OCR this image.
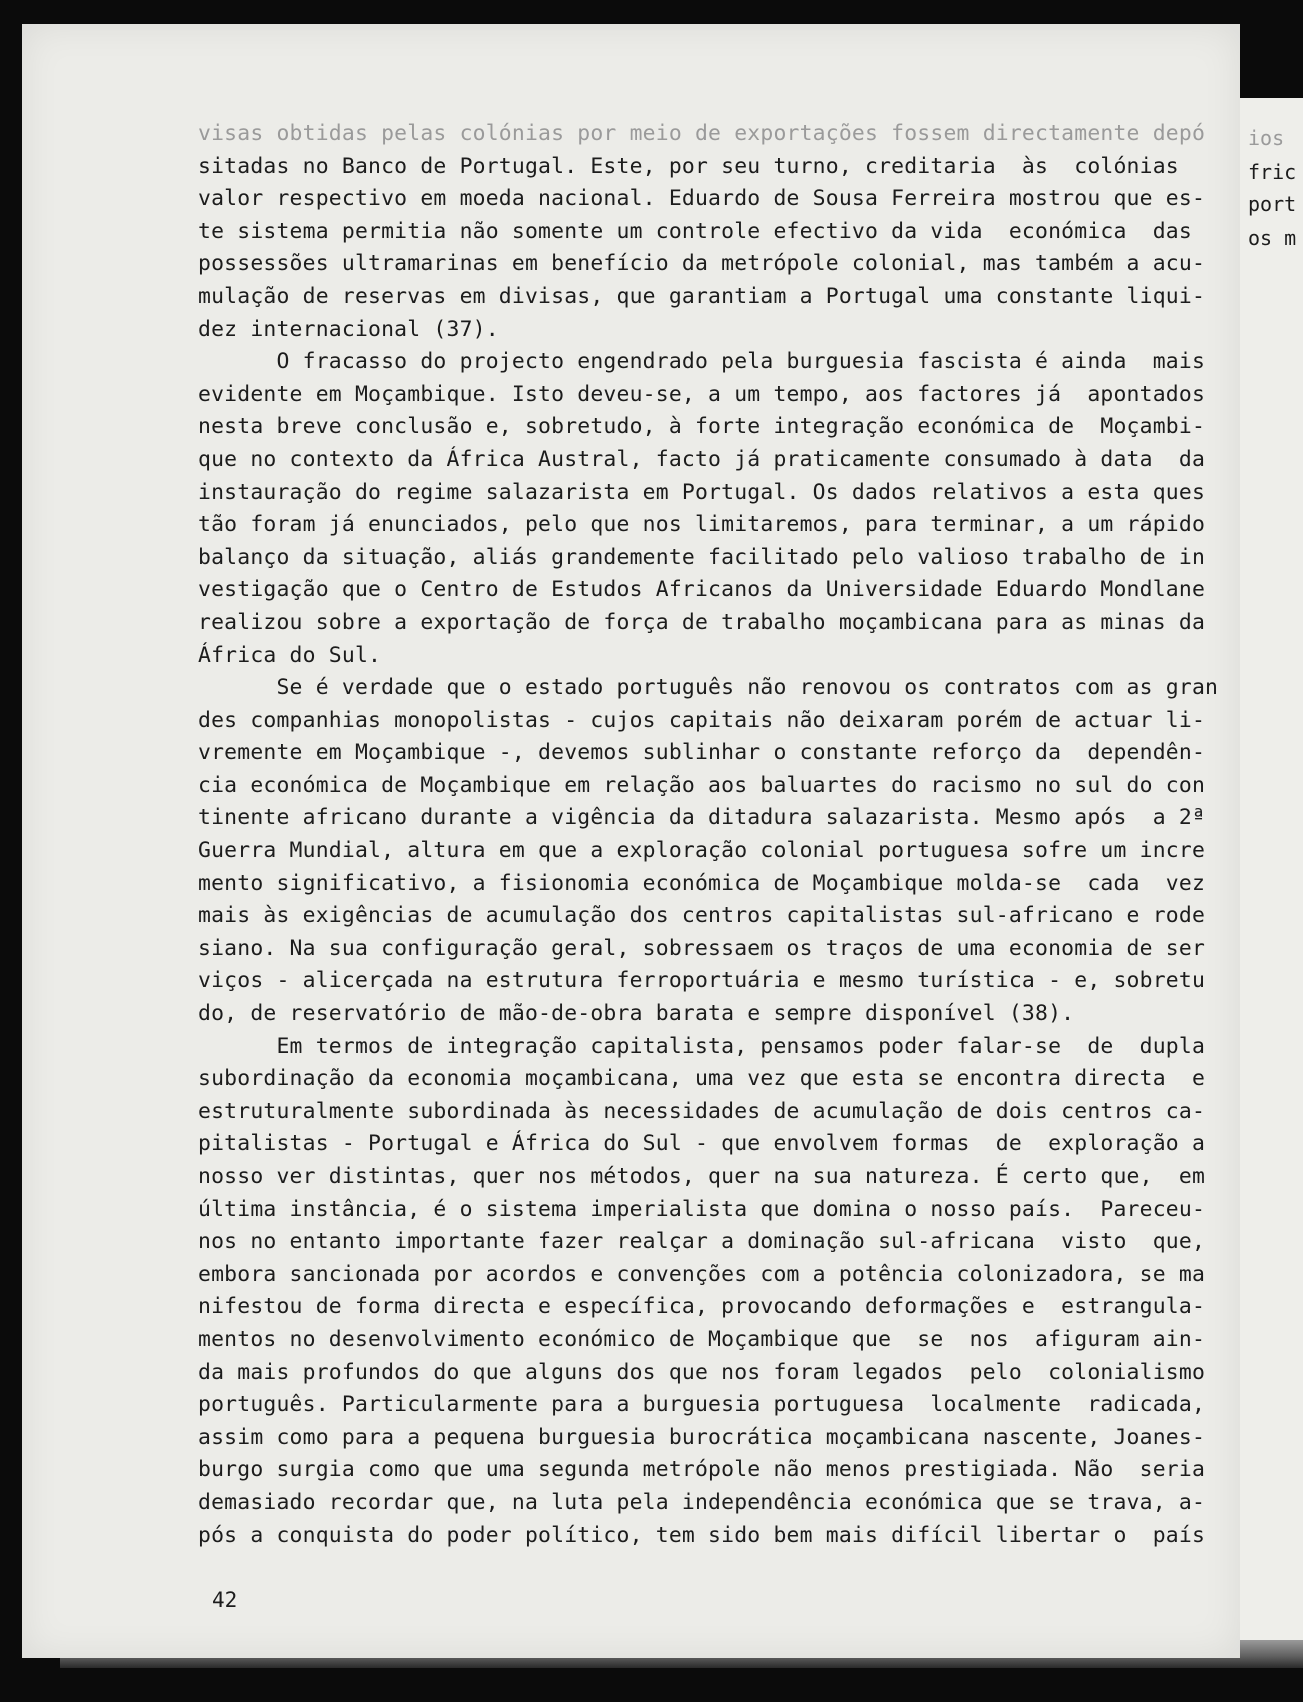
visas obtidas pelas colónias por meio de exportações fossem directamente depó
sitadas no Banco de Portugal. Este, por seu turno, creditaria  às  colónias
valor respectivo em moeda nacional. Eduardo de Sousa Ferreira mostrou que es-
te sistema permitia não somente um controle efectivo da vida  económica  das
possessões ultramarinas em benefício da metrópole colonial, mas também a acu-
mulação de reservas em divisas, que garantiam a Portugal uma constante liqui-
dez internacional (37).
O fracasso do projecto engendrado pela burguesia fascista é ainda  mais
evidente em Moçambique. Isto deveu-se, a um tempo, aos factores já  apontados
nesta breve conclusão e, sobretudo, à forte integração económica de  Moçambi-
que no contexto da África Austral, facto já praticamente consumado à data  da
instauração do regime salazarista em Portugal. Os dados relativos a esta ques
tão foram já enunciados, pelo que nos limitaremos, para terminar, a um rápido
balanço da situação, aliás grandemente facilitado pelo valioso trabalho de in
vestigação que o Centro de Estudos Africanos da Universidade Eduardo Mondlane
realizou sobre a exportação de força de trabalho moçambicana para as minas da
África do Sul.
Se é verdade que o estado português não renovou os contratos com as gran
des companhias monopolistas - cujos capitais não deixaram porém de actuar li-
vremente em Moçambique -, devemos sublinhar o constante reforço da  dependên-
cia económica de Moçambique em relação aos baluartes do racismo no sul do con
tinente africano durante a vigência da ditadura salazarista. Mesmo após  a 2ª
Guerra Mundial, altura em que a exploração colonial portuguesa sofre um incre
mento significativo, a fisionomia económica de Moçambique molda-se  cada  vez
mais às exigências de acumulação dos centros capitalistas sul-africano e rode
siano. Na sua configuração geral, sobressaem os traços de uma economia de ser
viços - alicerçada na estrutura ferroportuária e mesmo turística - e, sobretu
do, de reservatório de mão-de-obra barata e sempre disponível (38).
Em termos de integração capitalista, pensamos poder falar-se  de  dupla
subordinação da economia moçambicana, uma vez que esta se encontra directa  e
estruturalmente subordinada às necessidades de acumulação de dois centros ca-
pitalistas - Portugal e África do Sul - que envolvem formas  de  exploração a
nosso ver distintas, quer nos métodos, quer na sua natureza. É certo que,  em
última instância, é o sistema imperialista que domina o nosso país.  Pareceu-
nos no entanto importante fazer realçar a dominação sul-africana  visto  que,
embora sancionada por acordos e convenções com a potência colonizadora, se ma
nifestou de forma directa e específica, provocando deformações e  estrangula-
mentos no desenvolvimento económico de Moçambique que  se  nos  afiguram ain-
da mais profundos do que alguns dos que nos foram legados  pelo  colonialismo
português. Particularmente para a burguesia portuguesa  localmente  radicada,
assim como para a pequena burguesia burocrática moçambicana nascente, Joanes-
burgo surgia como que uma segunda metrópole não menos prestigiada. Não  seria
demasiado recordar que, na luta pela independência económica que se trava, a-
pós a conquista do poder político, tem sido bem mais difícil libertar o  país
42
ios
fric
port
os m
